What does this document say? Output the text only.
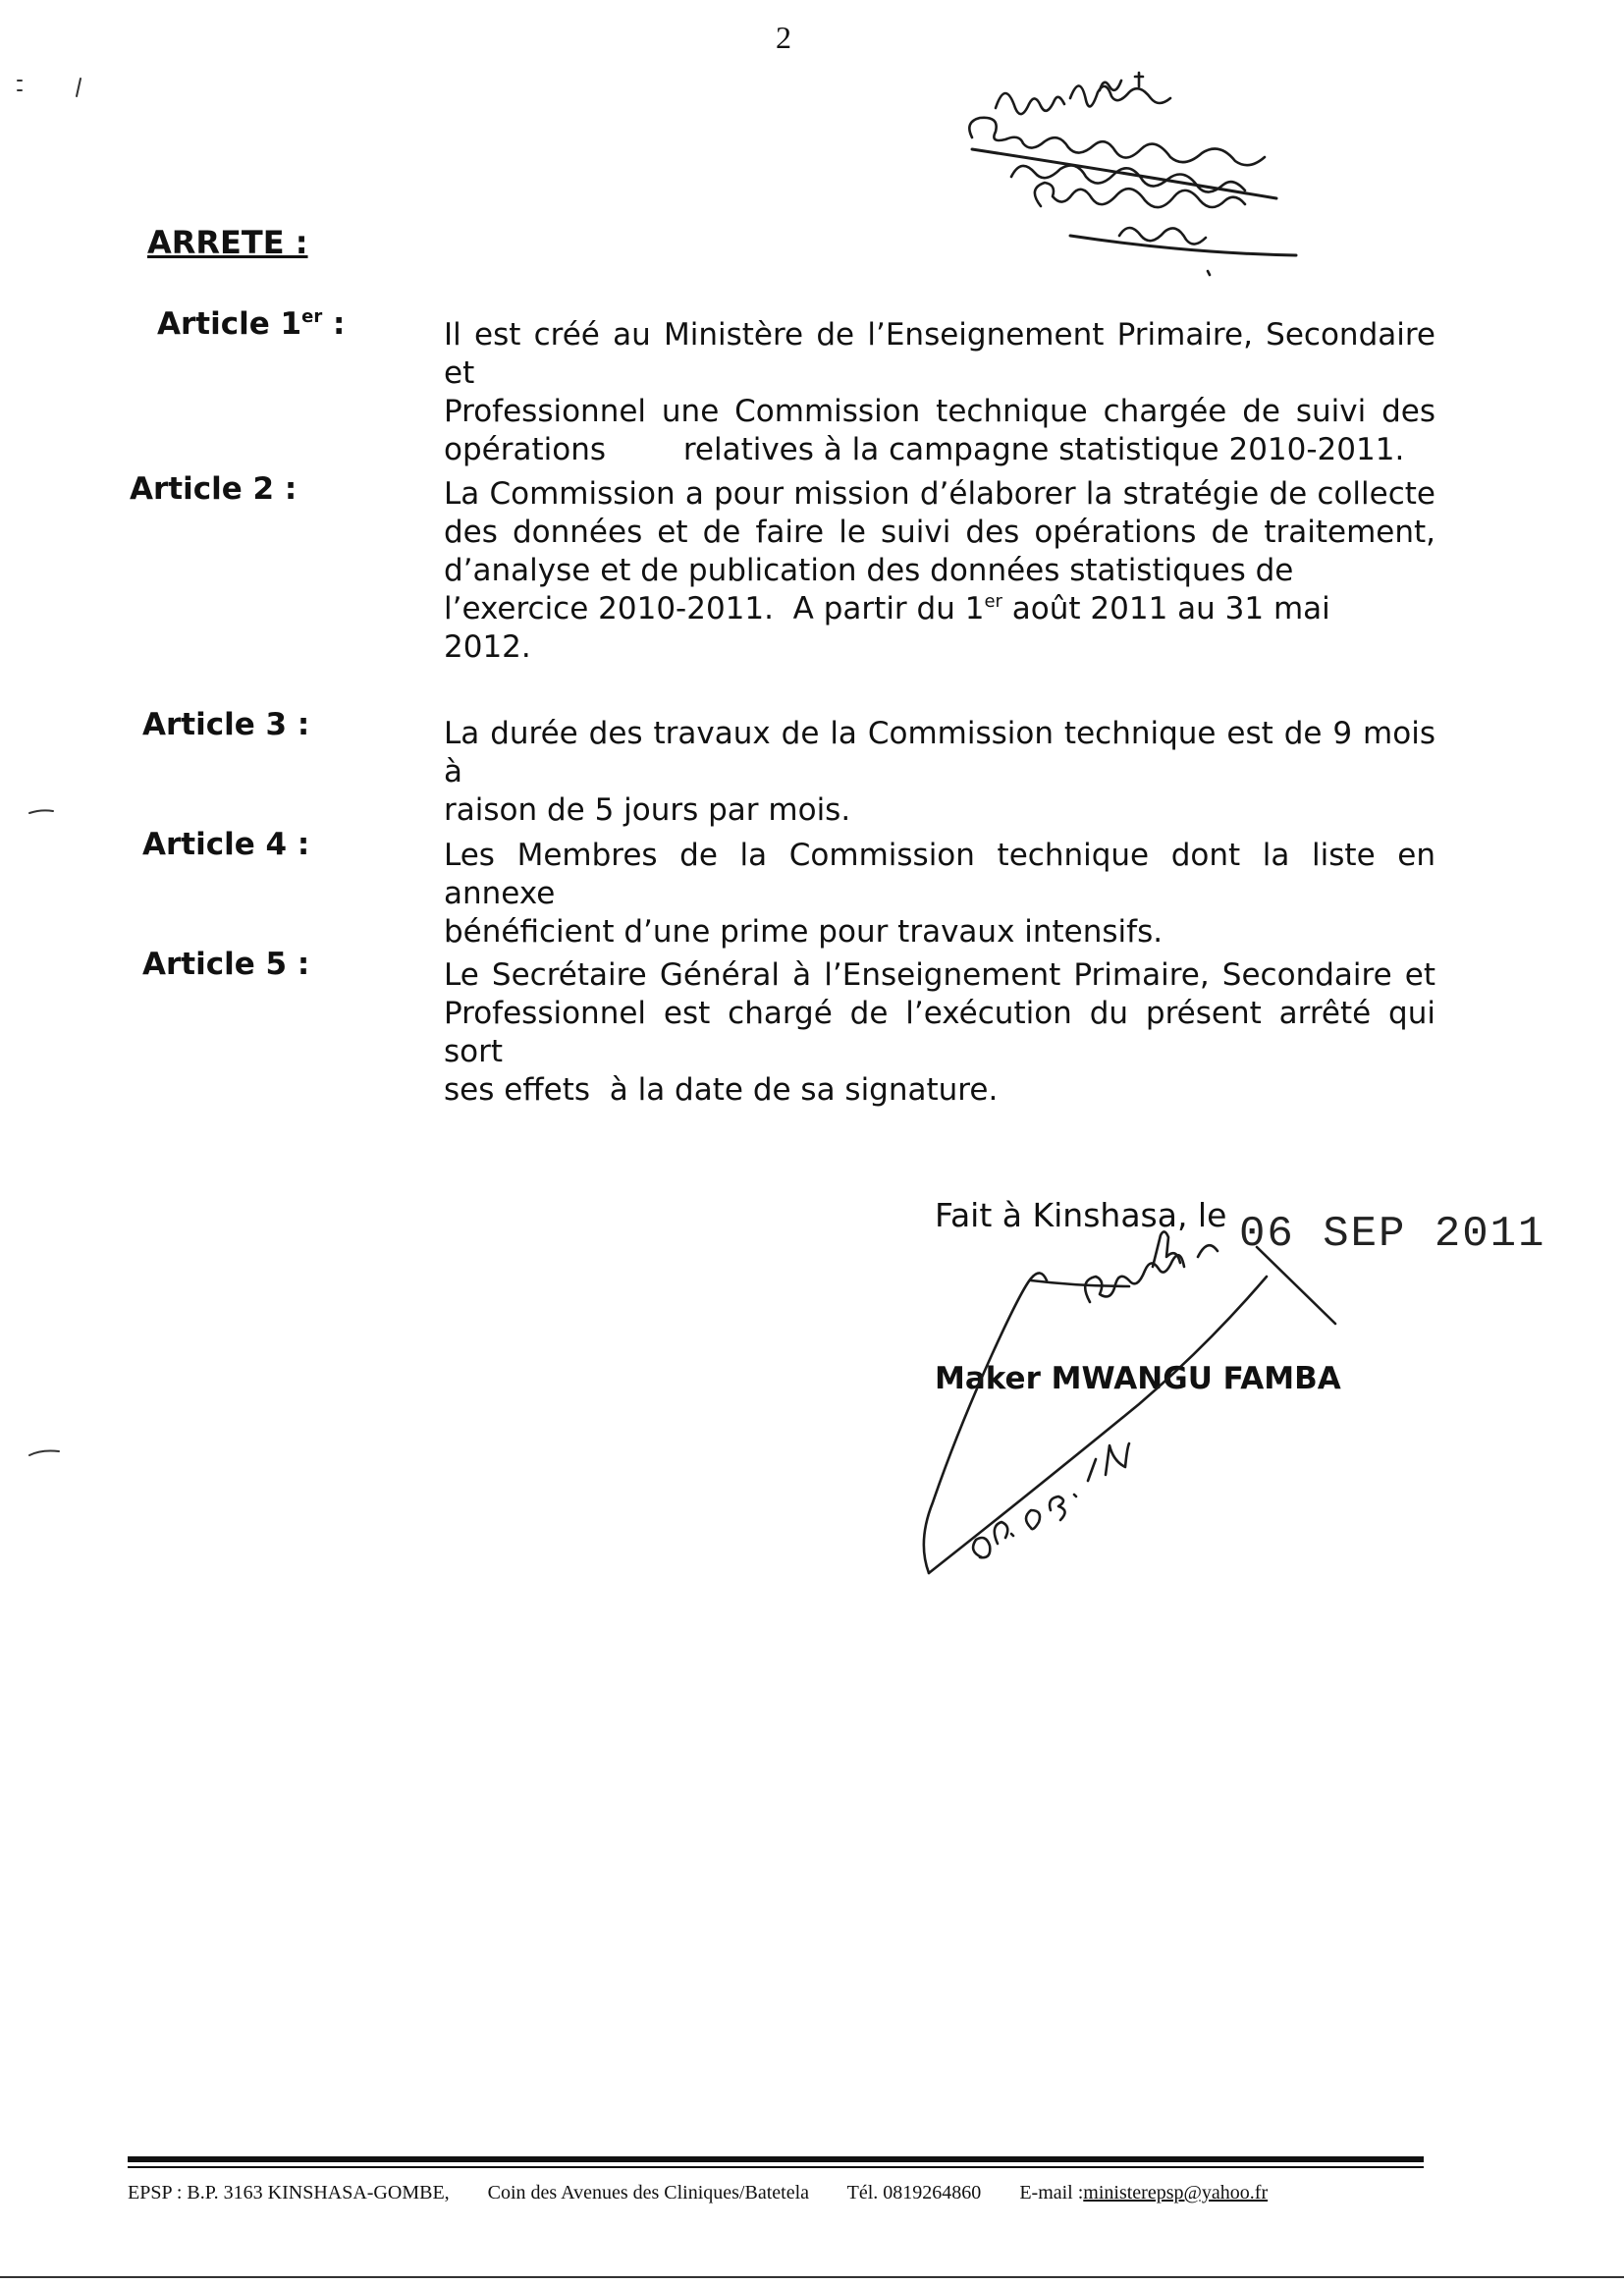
2
ARRETE :
Article 1er :	Il est créé au Ministère de l’Enseignement Primaire, Secondaire et
Professionnel une Commission technique chargée de suivi des
opérations        relatives à la campagne statistique 2010-2011.

Article 2 :	La Commission a pour mission d’élaborer la stratégie de collecte
des données et de faire le suivi des opérations de traitement,
d’analyse et de publication des données statistiques de
l’exercice 2010-2011.  A partir du 1er août 2011 au 31 mai
2012.

Article 3 :	La durée des travaux de la Commission technique est de 9 mois à
raison de 5 jours par mois.

Article 4 :	Les Membres de la Commission technique dont la liste en annexe
bénéficient d’une prime pour travaux intensifs.

Article 5 :	Le Secrétaire Général à l’Enseignement Primaire, Secondaire et
Professionnel est chargé de l’exécution du présent arrêté qui sort
ses effets  à la date de sa signature.

Fait à Kinshasa, le 06 SEP 2011
Maker MWANGU FAMBA
EPSP : B.P. 3163 KINSHASA-GOMBE, Coin des Avenues des Cliniques/Batetela Tél. 0819264860 E-mail :ministerepsp@yahoo.fr
